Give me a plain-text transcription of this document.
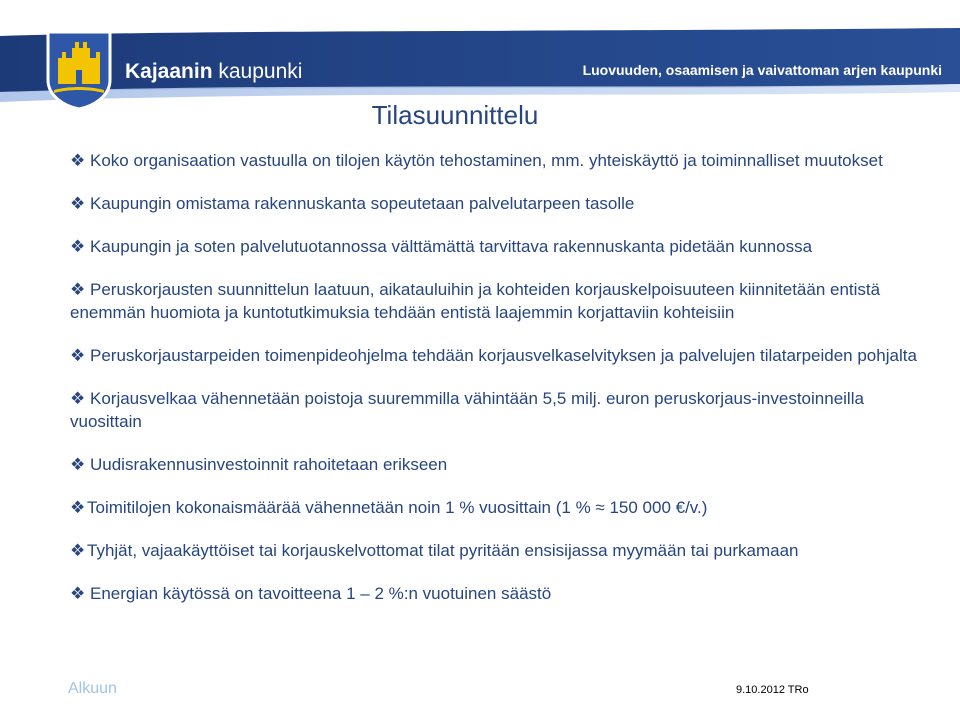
Kajaanin kaupunki	Luovuuden, osaamisen ja vaivattoman arjen kaupunki
Tilasuunnittelu

❖ Koko organisaation vastuulla on tilojen käytön tehostaminen, mm. yhteiskäyttö ja toiminnalliset muutokset

❖ Kaupungin omistama rakennuskanta sopeutetaan palvelutarpeen tasolle

❖ Kaupungin ja soten palvelutuotannossa välttämättä tarvittava rakennuskanta pidetään kunnossa

❖ Peruskorjausten suunnittelun laatuun, aikatauluihin ja kohteiden korjauskelpoisuuteen kiinnitetään entistä enemmän huomiota ja kuntotutkimuksia tehdään entistä laajemmin korjattaviin kohteisiin

❖ Peruskorjaustarpeiden toimenpideohjelma tehdään korjausvelkaselvityksen ja palvelujen tilatarpeiden pohjalta

❖ Korjausvelkaa vähennetään poistoja suuremmilla vähintään 5,5 milj. euron peruskorjaus-investoinneilla vuosittain

❖ Uudisrakennusinvestoinnit rahoitetaan erikseen

❖ Toimitilojen kokonaismäärää vähennetään noin 1 % vuosittain (1 % ≈ 150 000 €/v.)

❖ Tyhjät, vajaakäyttöiset tai korjauskelvottomat tilat pyritään ensisijassa myymään tai purkamaan

❖ Energian käytössä on tavoitteena 1 – 2 %:n vuotuinen säästö

Alkuun	9.10.2012 TRo
